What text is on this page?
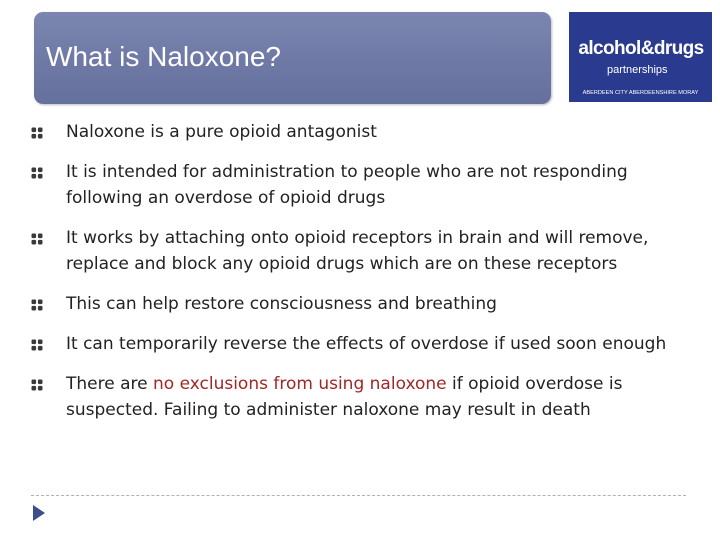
What is Naloxone?	alcohol&drugs
partnerships
ABERDEEN CITY ABERDEENSHIRE MORAY
Naloxone is a pure opioid antagonist
It is intended for administration to people who are not responding following an overdose of opioid drugs
It works by attaching onto opioid receptors in brain and will remove, replace and block any opioid drugs which are on these receptors
This can help restore consciousness and breathing
It can temporarily reverse the effects of overdose if used soon enough
There are no exclusions from using naloxone if opioid overdose is suspected. Failing to administer naloxone may result in death
